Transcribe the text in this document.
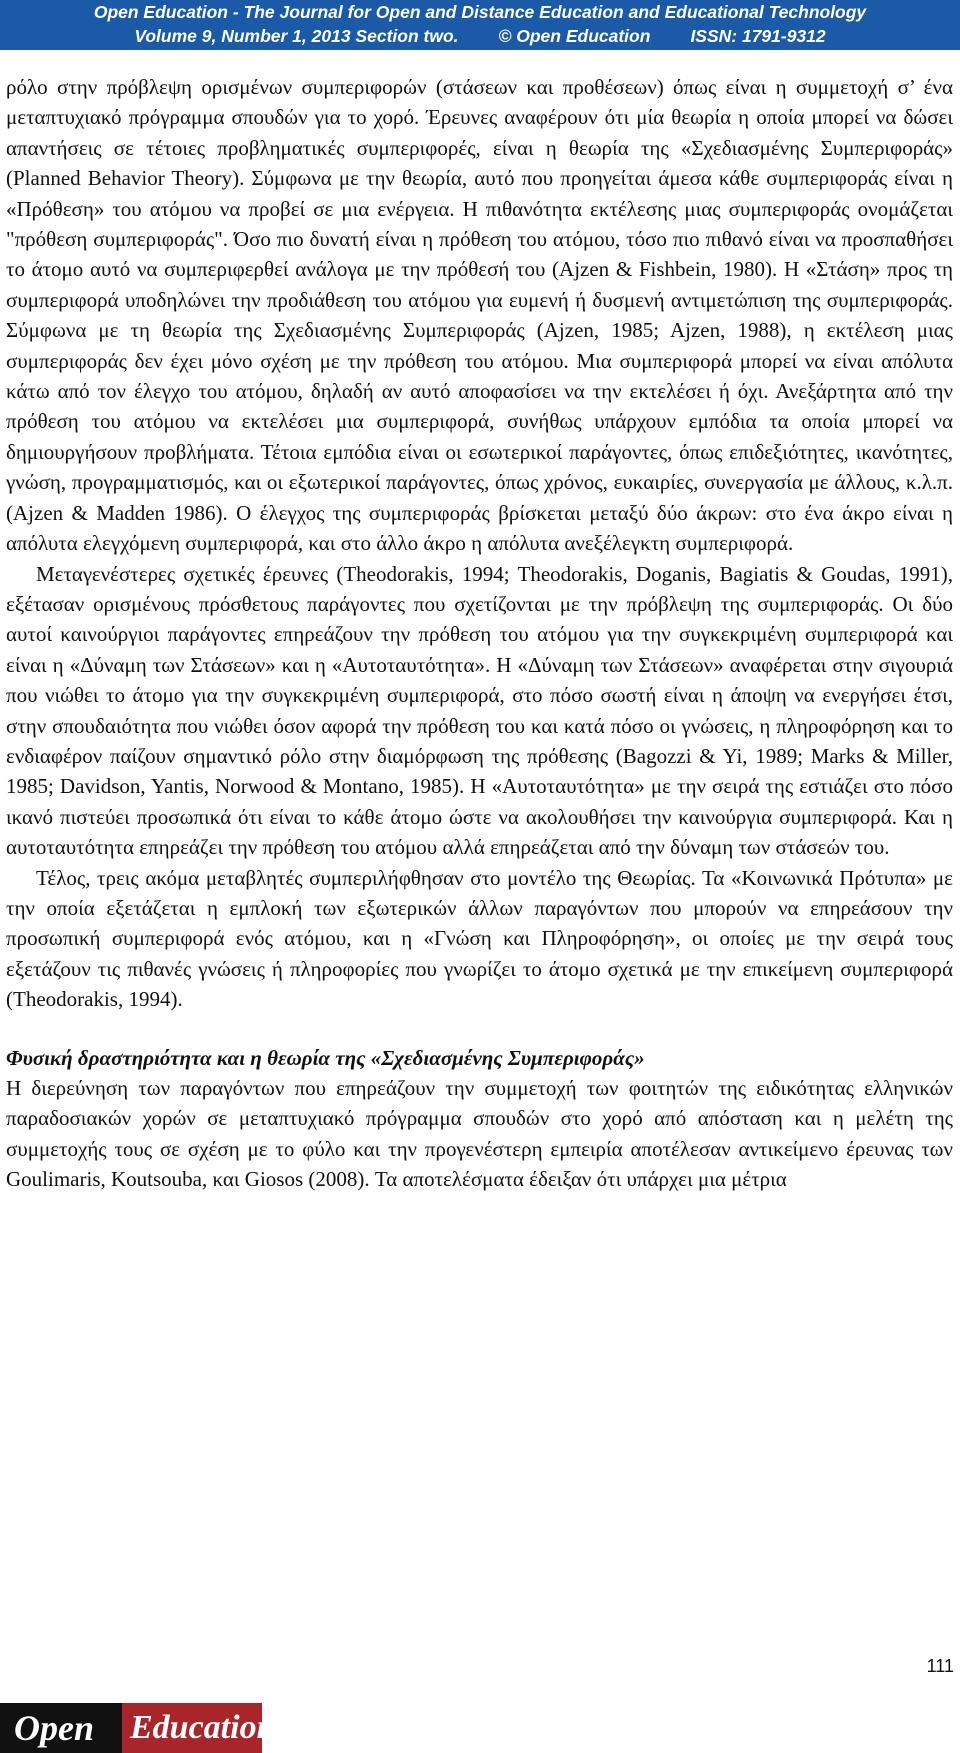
Open Education - The Journal for Open and Distance Education and Educational Technology
Volume 9, Number 1, 2013 Section two. © Open Education ISSN: 1791-9312

ρόλο στην πρόβλεψη ορισμένων συμπεριφορών (στάσεων και προθέσεων) όπως είναι η συμμετοχή σ’ ένα μεταπτυχιακό πρόγραμμα σπουδών για το χορό. Έρευνες αναφέρουν ότι μία θεωρία η οποία μπορεί να δώσει απαντήσεις σε τέτοιες προβληματικές συμπεριφορές, είναι η θεωρία της «Σχεδιασμένης Συμπεριφοράς» (Planned Behavior Theory). Σύμφωνα με την θεωρία, αυτό που προηγείται άμεσα κάθε συμπεριφοράς είναι η «Πρόθεση» του ατόμου να προβεί σε μια ενέργεια. Η πιθανότητα εκτέλεσης μιας συμπεριφοράς ονομάζεται "πρόθεση συμπεριφοράς". Όσο πιο δυνατή είναι η πρόθεση του ατόμου, τόσο πιο πιθανό είναι να προσπαθήσει το άτομο αυτό να συμπεριφερθεί ανάλογα με την πρόθεσή του (Ajzen & Fishbein, 1980). Η «Στάση» προς τη συμπεριφορά υποδηλώνει την προδιάθεση του ατόμου για ευμενή ή δυσμενή αντιμετώπιση της συμπεριφοράς. Σύμφωνα με τη θεωρία της Σχεδιασμένης Συμπεριφοράς (Ajzen, 1985; Ajzen, 1988), η εκτέλεση μιας συμπεριφοράς δεν έχει μόνο σχέση με την πρόθεση του ατόμου. Μια συμπεριφορά μπορεί να είναι απόλυτα κάτω από τον έλεγχο του ατόμου, δηλαδή αν αυτό αποφασίσει να την εκτελέσει ή όχι. Ανεξάρτητα από την πρόθεση του ατόμου να εκτελέσει μια συμπεριφορά, συνήθως υπάρχουν εμπόδια τα οποία μπορεί να δημιουργήσουν προβλήματα. Τέτοια εμπόδια είναι οι εσωτερικοί παράγοντες, όπως επιδεξιότητες, ικανότητες, γνώση, προγραμματισμός, και οι εξωτερικοί παράγοντες, όπως χρόνος, ευκαιρίες, συνεργασία με άλλους, κ.λ.π. (Ajzen & Madden 1986). Ο έλεγχος της συμπεριφοράς βρίσκεται μεταξύ δύο άκρων: στο ένα άκρο είναι η απόλυτα ελεγχόμενη συμπεριφορά, και στο άλλο άκρο η απόλυτα ανεξέλεγκτη συμπεριφορά.

Μεταγενέστερες σχετικές έρευνες (Theodorakis, 1994; Theodorakis, Doganis, Bagiatis & Goudas, 1991), εξέτασαν ορισμένους πρόσθετους παράγοντες που σχετίζονται με την πρόβλεψη της συμπεριφοράς. Οι δύο αυτοί καινούργιοι παράγοντες επηρεάζουν την πρόθεση του ατόμου για την συγκεκριμένη συμπεριφορά και είναι η «Δύναμη των Στάσεων» και η «Αυτοταυτότητα». Η «Δύναμη των Στάσεων» αναφέρεται στην σιγουριά που νιώθει το άτομο για την συγκεκριμένη συμπεριφορά, στο πόσο σωστή είναι η άποψη να ενεργήσει έτσι, στην σπουδαιότητα που νιώθει όσον αφορά την πρόθεση του και κατά πόσο οι γνώσεις, η πληροφόρηση και το ενδιαφέρον παίζουν σημαντικό ρόλο στην διαμόρφωση της πρόθεσης (Bagozzi & Yi, 1989; Marks & Miller, 1985; Davidson, Yantis, Norwood & Montano, 1985). Η «Αυτοταυτότητα» με την σειρά της εστιάζει στο πόσο ικανό πιστεύει προσωπικά ότι είναι το κάθε άτομο ώστε να ακολουθήσει την καινούργια συμπεριφορά. Και η αυτοταυτότητα επηρεάζει την πρόθεση του ατόμου αλλά επηρεάζεται από την δύναμη των στάσεών του.

Τέλος, τρεις ακόμα μεταβλητές συμπεριλήφθησαν στο μοντέλο της Θεωρίας. Τα «Κοινωνικά Πρότυπα» με την οποία εξετάζεται η εμπλοκή των εξωτερικών άλλων παραγόντων που μπορούν να επηρεάσουν την προσωπική συμπεριφορά ενός ατόμου, και η «Γνώση και Πληροφόρηση», οι οποίες με την σειρά τους εξετάζουν τις πιθανές γνώσεις ή πληροφορίες που γνωρίζει το άτομο σχετικά με την επικείμενη συμπεριφορά (Theodorakis, 1994).

Φυσική δραστηριότητα και η θεωρία της «Σχεδιασμένης Συμπεριφοράς»

Η διερεύνηση των παραγόντων που επηρεάζουν την συμμετοχή των φοιτητών της ειδικότητας ελληνικών παραδοσιακών χορών σε μεταπτυχιακό πρόγραμμα σπουδών στο χορό από απόσταση και η μελέτη της συμμετοχής τους σε σχέση με το φύλο και την προγενέστερη εμπειρία αποτέλεσαν αντικείμενο έρευνας των Goulimaris, Koutsouba, και Giosos (2008). Τα αποτελέσματα έδειξαν ότι υπάρχει μια μέτρια

111
Open	Education
